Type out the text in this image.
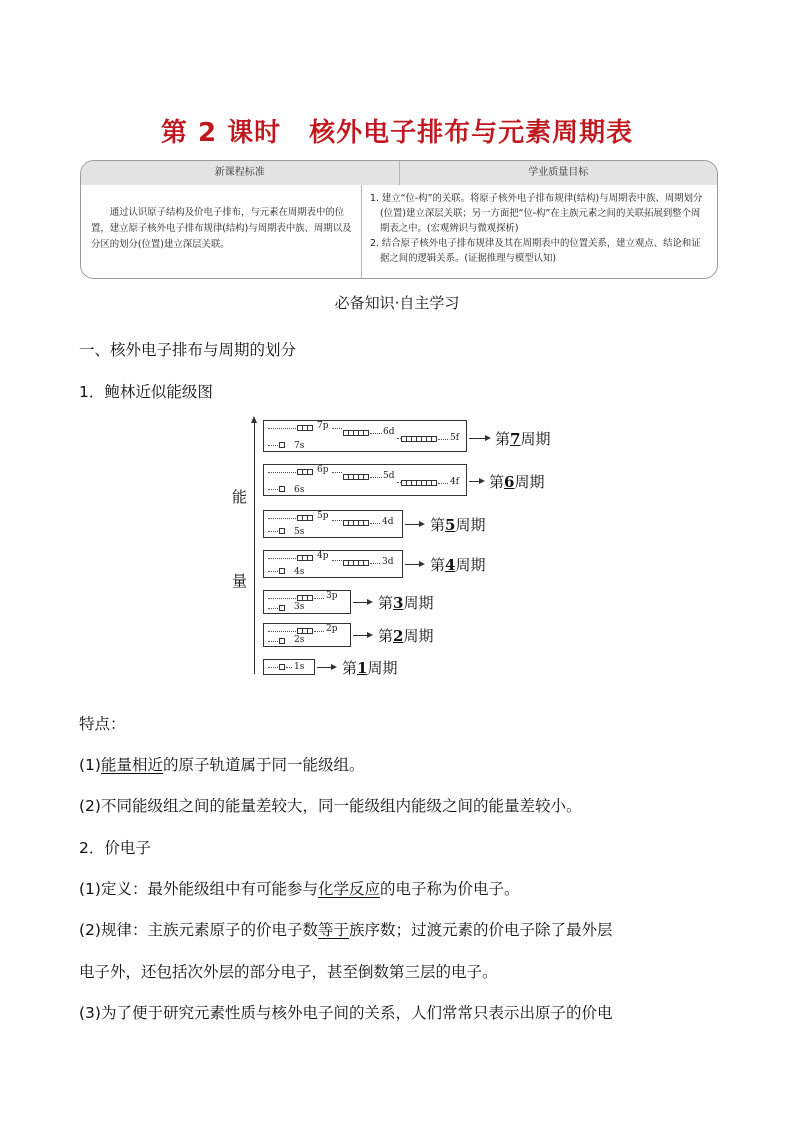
第 2 课时 核外电子排布与元素周期表
新课程标准	学业质量目标
通过认识原子结构及价电子排布，与元素在周期表中的位置，建立原子核外电子排布规律(结构)与周期表中族、周期以及分区的划分(位置)建立深层关联。

1. 建立“位-构”的关联。将原子核外电子排布规律(结构)与周期表中族、周期划分(位置)建立深层关联；另一方面把“位-构”在主族元素之间的关联拓展到整个周期表之中。(宏观辨识与微观探析)

2. 结合原子核外电子排布规律及其在周期表中的位置关系，建立观点、结论和证据之间的逻辑关系。(证据推理与模型认知)

必备知识·自主学习
一、核外电子排布与周期的划分
1．鲍林近似能级图
能
量
7p
6d
5f
7s	第7周期
6p
5d
4f
6s	第6周期
5p
4d
5s	第5周期
4p
3d
4s	第4周期
3p
3s	第3周期
2p
2s	第2周期
1s	第1周期
特点：
(1)能量相近的原子轨道属于同一能级组。
(2)不同能级组之间的能量差较大，同一能级组内能级之间的能量差较小。
2．价电子
(1)定义：最外能级组中有可能参与化学反应的电子称为价电子。
(2)规律：主族元素原子的价电子数等于族序数；过渡元素的价电子除了最外层
电子外，还包括次外层的部分电子，甚至倒数第三层的电子。
(3)为了便于研究元素性质与核外电子间的关系，人们常常只表示出原子的价电
